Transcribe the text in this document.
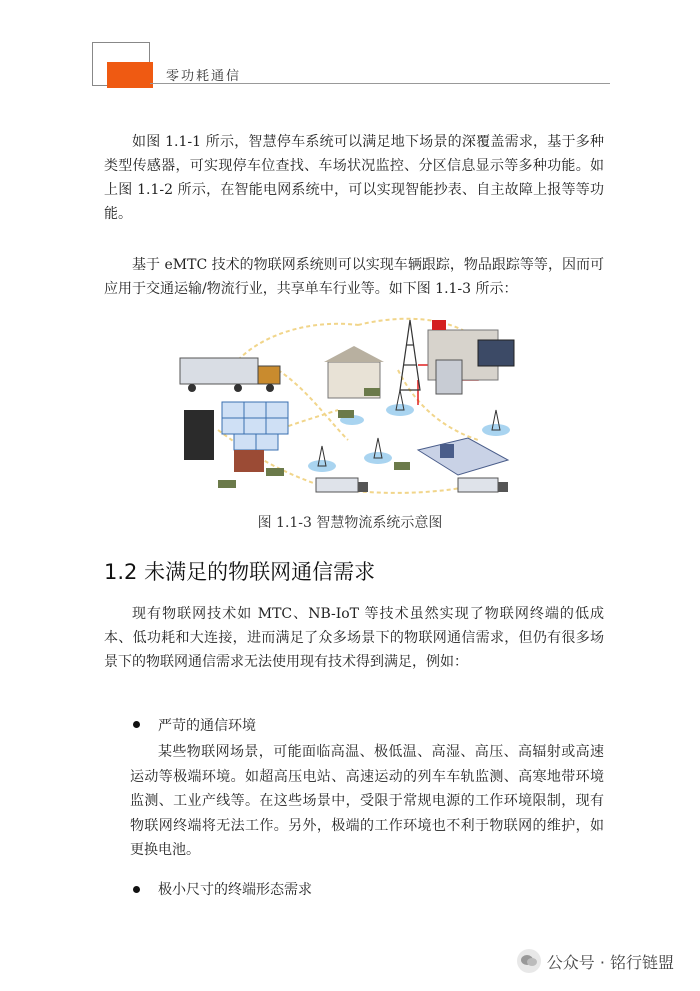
零功耗通信

如图 1.1-1 所示，智慧停车系统可以满足地下场景的深覆盖需求，基于多种类型传感器，可实现停车位查找、车场状况监控、分区信息显示等多种功能。如上图 1.1-2 所示，在智能电网系统中，可以实现智能抄表、自主故障上报等等功能。

基于 eMTC 技术的物联网系统则可以实现车辆跟踪，物品跟踪等等，因而可应用于交通运输/物流行业，共享单车行业等。如下图 1.1-3 所示：

图 1.1-3 智慧物流系统示意图
1.2 未满足的物联网通信需求

现有物联网技术如 MTC、NB-IoT 等技术虽然实现了物联网终端的低成本、低功耗和大连接，进而满足了众多场景下的物联网通信需求，但仍有很多场景下的物联网通信需求无法使用现有技术得到满足，例如：

严苛的通信环境

某些物联网场景，可能面临高温、极低温、高湿、高压、高辐射或高速运动等极端环境。如超高压电站、高速运动的列车车轨监测、高寒地带环境监测、工业产线等。在这些场景中，受限于常规电源的工作环境限制，现有物联网终端将无法工作。另外，极端的工作环境也不利于物联网的维护，如更换电池。

极小尺寸的终端形态需求
公众号 · 铭行链盟
